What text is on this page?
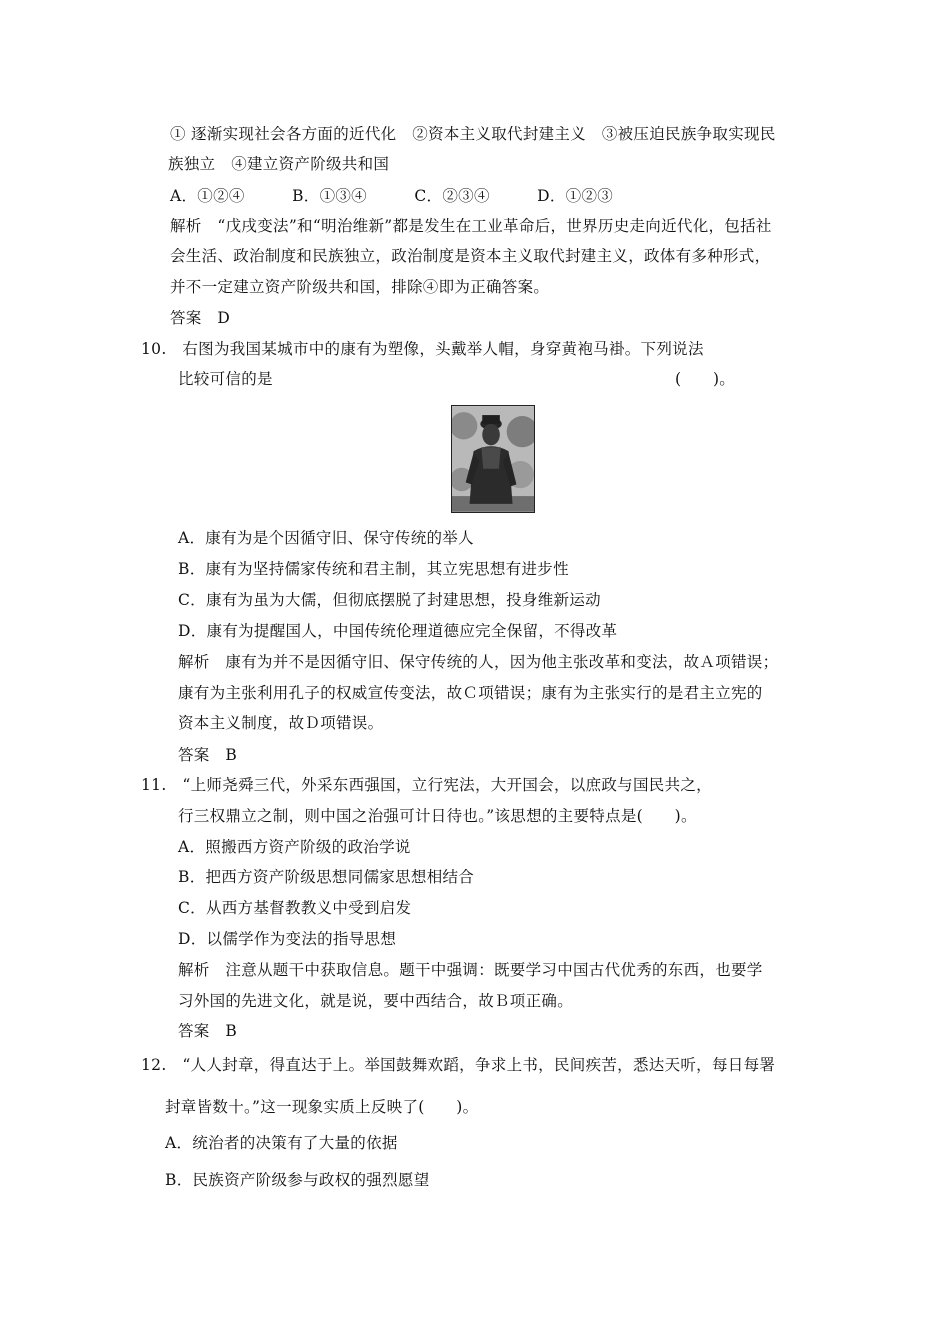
① 逐渐实现社会各方面的近代化　②资本主义取代封建主义　③被压迫民族争取实现民
族独立　④建立资产阶级共和国
A．①②④　　　B．①③④　　　C．②③④　　　D．①②③
解析　“戊戌变法”和“明治维新”都是发生在工业革命后，世界历史走向近代化，包括社
会生活、政治制度和民族独立，政治制度是资本主义取代封建主义，政体有多种形式，
并不一定建立资产阶级共和国，排除④即为正确答案。
答案　D
10.　右图为我国某城市中的康有为塑像，头戴举人帽，身穿黄袍马褂。下列说法
比较可信的是	(　　)。
A．康有为是个因循守旧、保守传统的举人
B．康有为坚持儒家传统和君主制，其立宪思想有进步性
C．康有为虽为大儒，但彻底摆脱了封建思想，投身维新运动
D．康有为提醒国人，中国传统伦理道德应完全保留，不得改革
解析　康有为并不是因循守旧、保守传统的人，因为他主张改革和变法，故Ａ项错误；
康有为主张利用孔子的权威宣传变法，故Ｃ项错误；康有为主张实行的是君主立宪的
资本主义制度，故Ｄ项错误。
答案　B
11.　“上师尧舜三代，外采东西强国，立行宪法，大开国会，以庶政与国民共之，
行三权鼎立之制，则中国之治强可计日待也。”该思想的主要特点是(　　)。
A．照搬西方资产阶级的政治学说
B．把西方资产阶级思想同儒家思想相结合
C．从西方基督教教义中受到启发
D．以儒学作为变法的指导思想
解析　注意从题干中获取信息。题干中强调：既要学习中国古代优秀的东西，也要学
习外国的先进文化，就是说，要中西结合，故Ｂ项正确。
答案　B
12.　“人人封章，得直达于上。举国鼓舞欢蹈，争求上书，民间疾苦，悉达天听，每日每署
封章皆数十。”这一现象实质上反映了(　　)。
A．统治者的决策有了大量的依据
B．民族资产阶级参与政权的强烈愿望
